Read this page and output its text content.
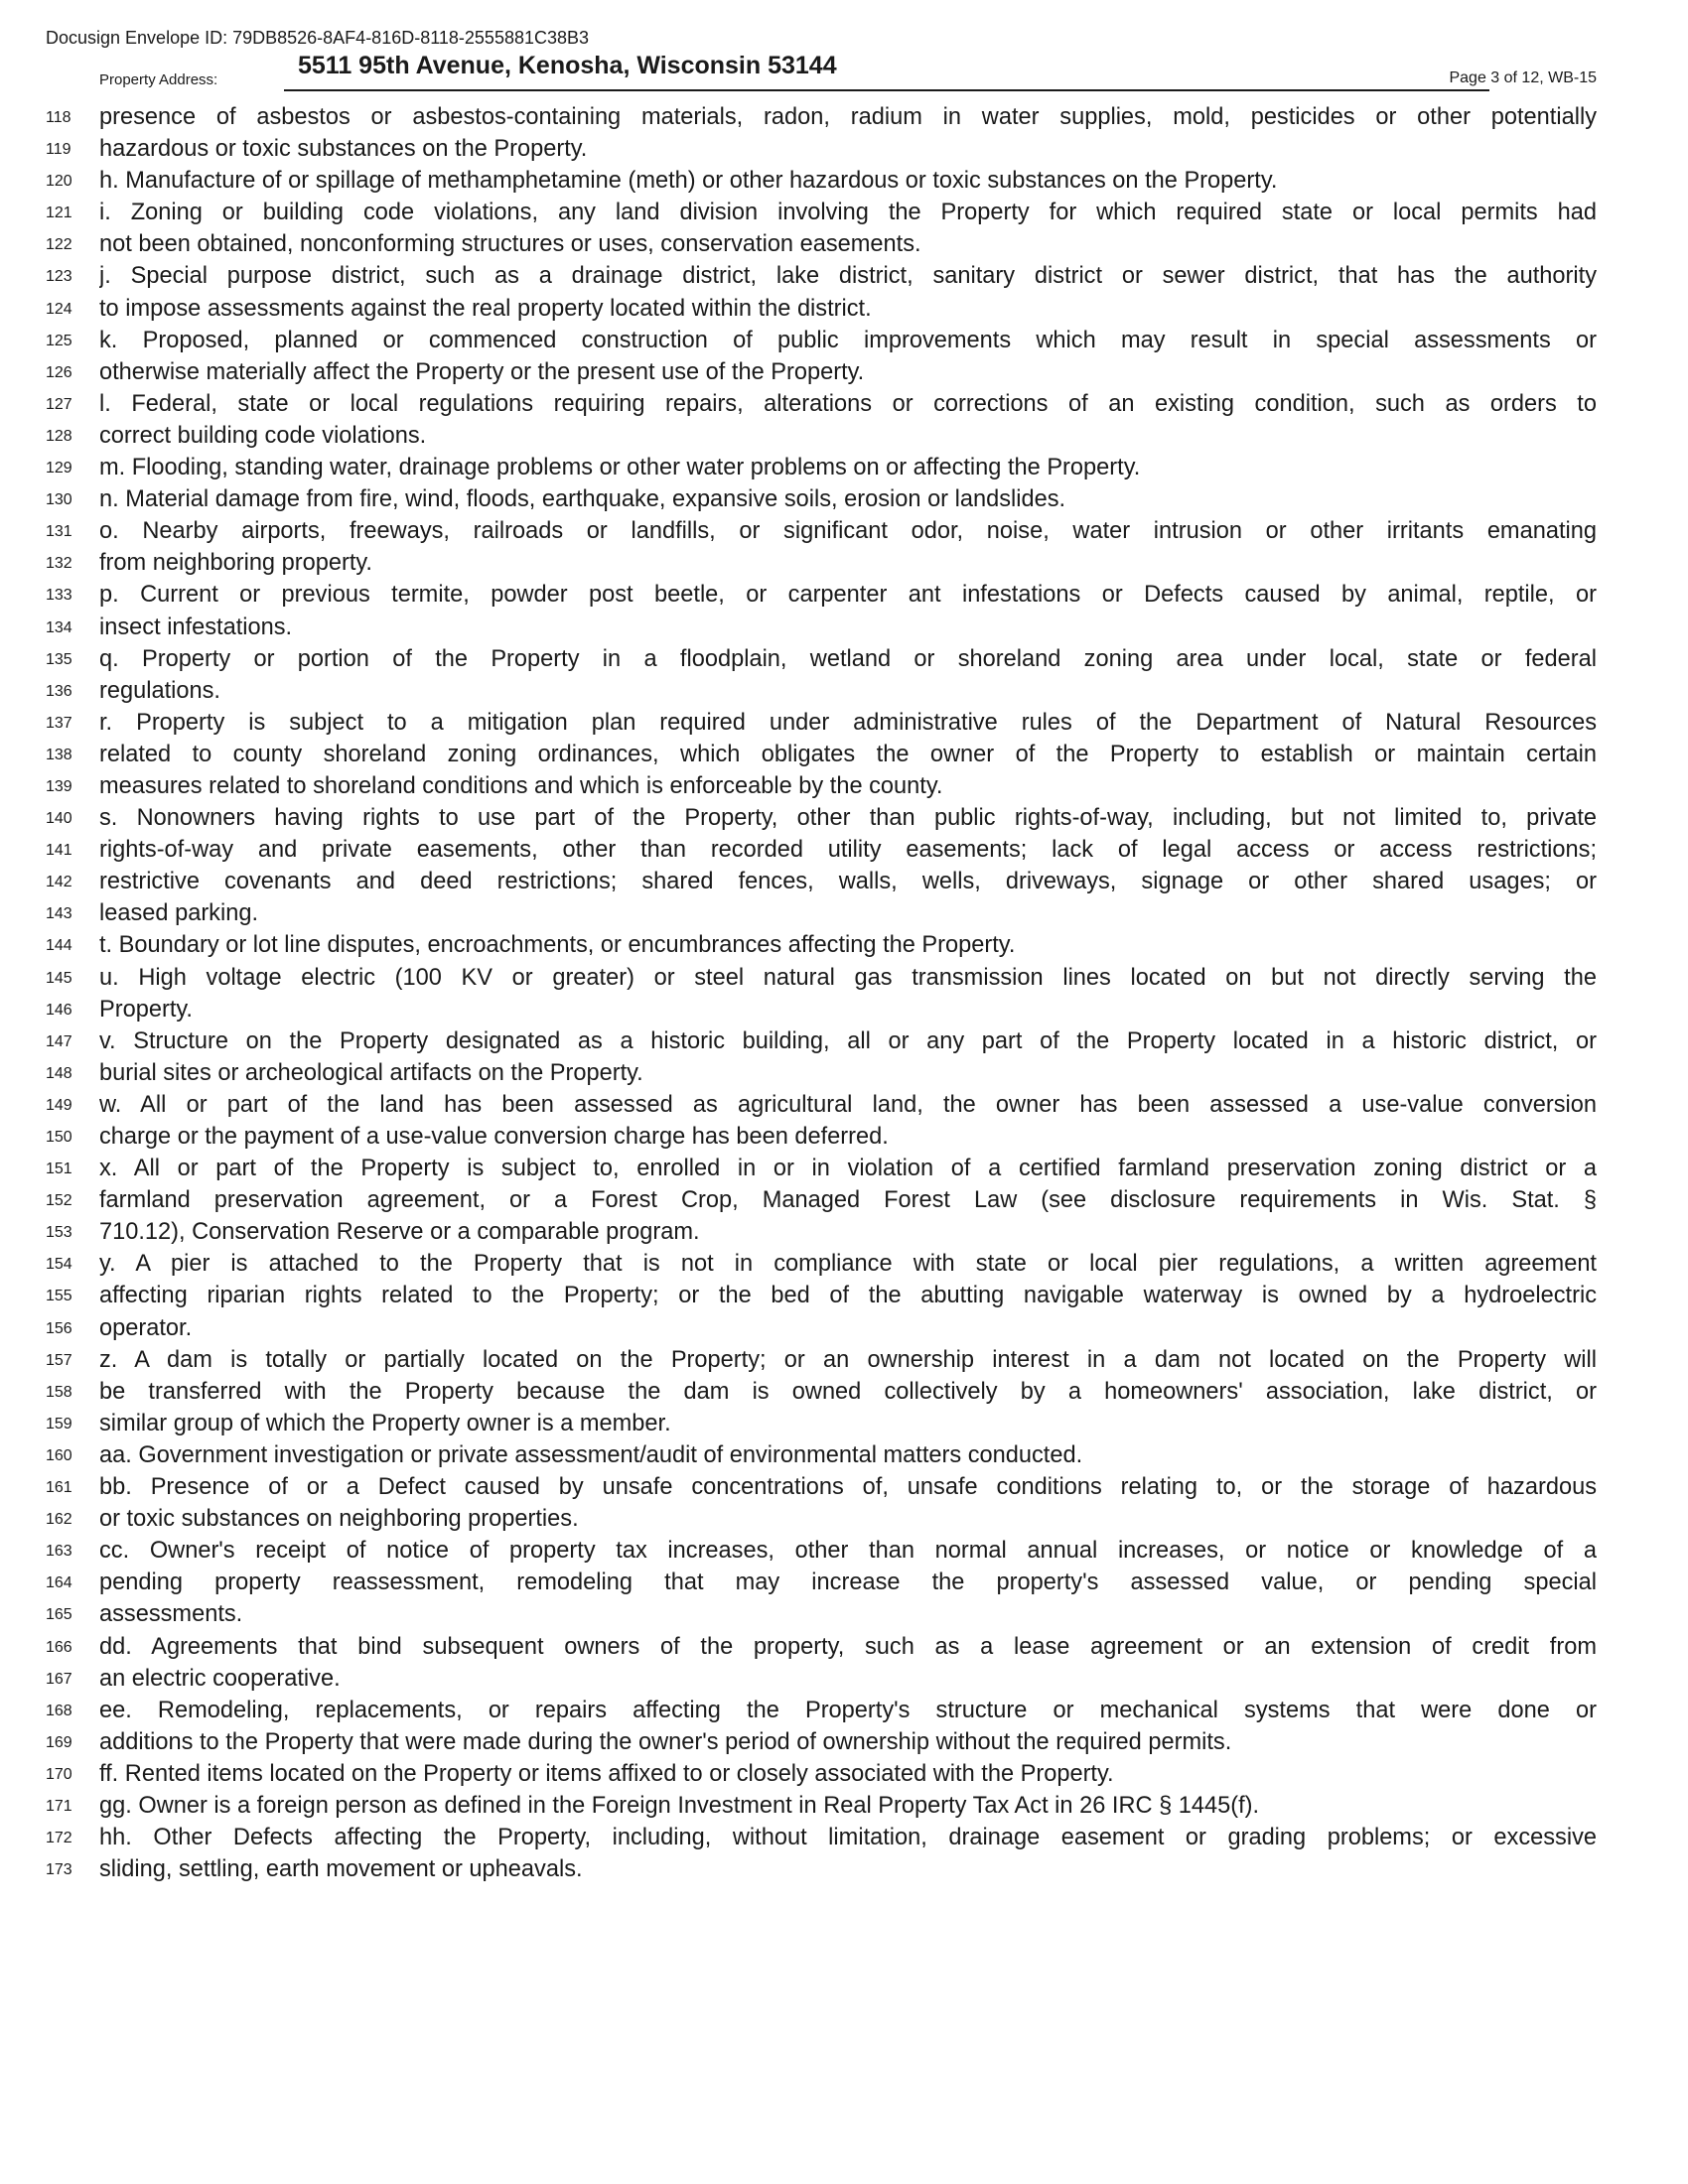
Docusign Envelope ID: 79DB8526-8AF4-816D-8118-2555881C38B3
Property Address:
5511 95th Avenue, Kenosha, Wisconsin 53144	Page 3 of 12, WB-15
118	presence of asbestos or asbestos-containing materials, radon, radium in water supplies, mold, pesticides or other potentially
119	hazardous or toxic substances on the Property.
120	h. Manufacture of or spillage of methamphetamine (meth) or other hazardous or toxic substances on the Property.
121	i. Zoning or building code violations, any land division involving the Property for which required state or local permits had
122	not been obtained, nonconforming structures or uses, conservation easements.
123	j. Special purpose district, such as a drainage district, lake district, sanitary district or sewer district, that has the authority
124	to impose assessments against the real property located within the district.
125	k. Proposed, planned or commenced construction of public improvements which may result in special assessments or
126	otherwise materially affect the Property or the present use of the Property.
127	l. Federal, state or local regulations requiring repairs, alterations or corrections of an existing condition, such as orders to
128	correct building code violations.
129	m. Flooding, standing water, drainage problems or other water problems on or affecting the Property.
130	n. Material damage from fire, wind, floods, earthquake, expansive soils, erosion or landslides.
131	o. Nearby airports, freeways, railroads or landfills, or significant odor, noise, water intrusion or other irritants emanating
132	from neighboring property.
133	p. Current or previous termite, powder post beetle, or carpenter ant infestations or Defects caused by animal, reptile, or
134	insect infestations.
135	q. Property or portion of the Property in a floodplain, wetland or shoreland zoning area under local, state or federal
136	regulations.
137	r. Property is subject to a mitigation plan required under administrative rules of the Department of Natural Resources
138	related to county shoreland zoning ordinances, which obligates the owner of the Property to establish or maintain certain
139	measures related to shoreland conditions and which is enforceable by the county.
140	s. Nonowners having rights to use part of the Property, other than public rights-of-way, including, but not limited to, private
141	rights-of-way and private easements, other than recorded utility easements; lack of legal access or access restrictions;
142	restrictive covenants and deed restrictions; shared fences, walls, wells, driveways, signage or other shared usages; or
143	leased parking.
144	t. Boundary or lot line disputes, encroachments, or encumbrances affecting the Property.
145	u. High voltage electric (100 KV or greater) or steel natural gas transmission lines located on but not directly serving the
146	Property.
147	v. Structure on the Property designated as a historic building, all or any part of the Property located in a historic district, or
148	burial sites or archeological artifacts on the Property.
149	w. All or part of the land has been assessed as agricultural land, the owner has been assessed a use-value conversion
150	charge or the payment of a use-value conversion charge has been deferred.
151	x. All or part of the Property is subject to, enrolled in or in violation of a certified farmland preservation zoning district or a
152	farmland preservation agreement, or a Forest Crop, Managed Forest Law (see disclosure requirements in Wis. Stat. §
153	710.12), Conservation Reserve or a comparable program.
154	y. A pier is attached to the Property that is not in compliance with state or local pier regulations, a written agreement
155	affecting riparian rights related to the Property; or the bed of the abutting navigable waterway is owned by a hydroelectric
156	operator.
157	z. A dam is totally or partially located on the Property; or an ownership interest in a dam not located on the Property will
158	be transferred with the Property because the dam is owned collectively by a homeowners' association, lake district, or
159	similar group of which the Property owner is a member.
160	aa. Government investigation or private assessment/audit of environmental matters conducted.
161	bb. Presence of or a Defect caused by unsafe concentrations of, unsafe conditions relating to, or the storage of hazardous
162	or toxic substances on neighboring properties.
163	cc. Owner's receipt of notice of property tax increases, other than normal annual increases, or notice or knowledge of a
164	pending property reassessment, remodeling that may increase the property's assessed value, or pending special
165	assessments.
166	dd. Agreements that bind subsequent owners of the property, such as a lease agreement or an extension of credit from
167	an electric cooperative.
168	ee. Remodeling, replacements, or repairs affecting the Property's structure or mechanical systems that were done or
169	additions to the Property that were made during the owner's period of ownership without the required permits.
170	ff. Rented items located on the Property or items affixed to or closely associated with the Property.
171	gg. Owner is a foreign person as defined in the Foreign Investment in Real Property Tax Act in 26 IRC § 1445(f).
172	hh. Other Defects affecting the Property, including, without limitation, drainage easement or grading problems; or excessive
173	sliding, settling, earth movement or upheavals.
